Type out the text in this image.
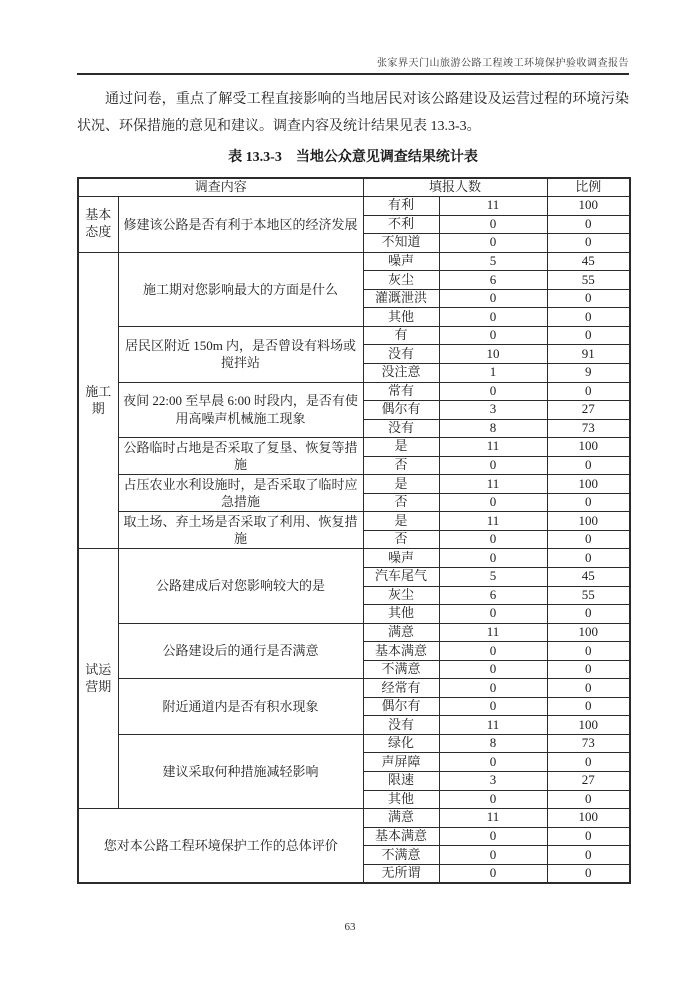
张家界天门山旅游公路工程竣工环境保护验收调查报告
通过问卷，重点了解受工程直接影响的当地居民对该公路建设及运营过程的环境污染状况、环保措施的意见和建议。调查内容及统计结果见表 13.3-3。
表 13.3-3　当地公众意见调查结果统计表
调查内容		填报人数		比例
基本态度	修建该公路是否有利于本地区的经济发展	有利	11	100
		不利	0	0
		不知道	0	0
施工期	施工期对您影响最大的方面是什么	噪声	5	45
		灰尘	6	55
		灌溉泄洪	0	0
		其他	0	0
	居民区附近 150m 内，是否曾设有料场或搅拌站	有	0	0
		没有	10	91
		没注意	1	9
	夜间 22:00 至早晨 6:00 时段内，是否有使用高噪声机械施工现象	常有	0	0
		偶尔有	3	27
		没有	8	73
	公路临时占地是否采取了复垦、恢复等措施	是	11	100
		否	0	0
	占压农业水利设施时，是否采取了临时应急措施	是	11	100
		否	0	0
	取土场、弃土场是否采取了利用、恢复措施	是	11	100
		否	0	0
试运营期	公路建成后对您影响较大的是	噪声	0	0
		汽车尾气	5	45
		灰尘	6	55
		其他	0	0
	公路建设后的通行是否满意	满意	11	100
		基本满意	0	0
		不满意	0	0
	附近通道内是否有积水现象	经常有	0	0
		偶尔有	0	0
		没有	11	100
	建议采取何种措施减轻影响	绿化	8	73
		声屏障	0	0
		限速	3	27
		其他	0	0
您对本公路工程环境保护工作的总体评价		满意	11	100
		基本满意	0	0
		不满意	0	0
		无所谓	0	0
63
